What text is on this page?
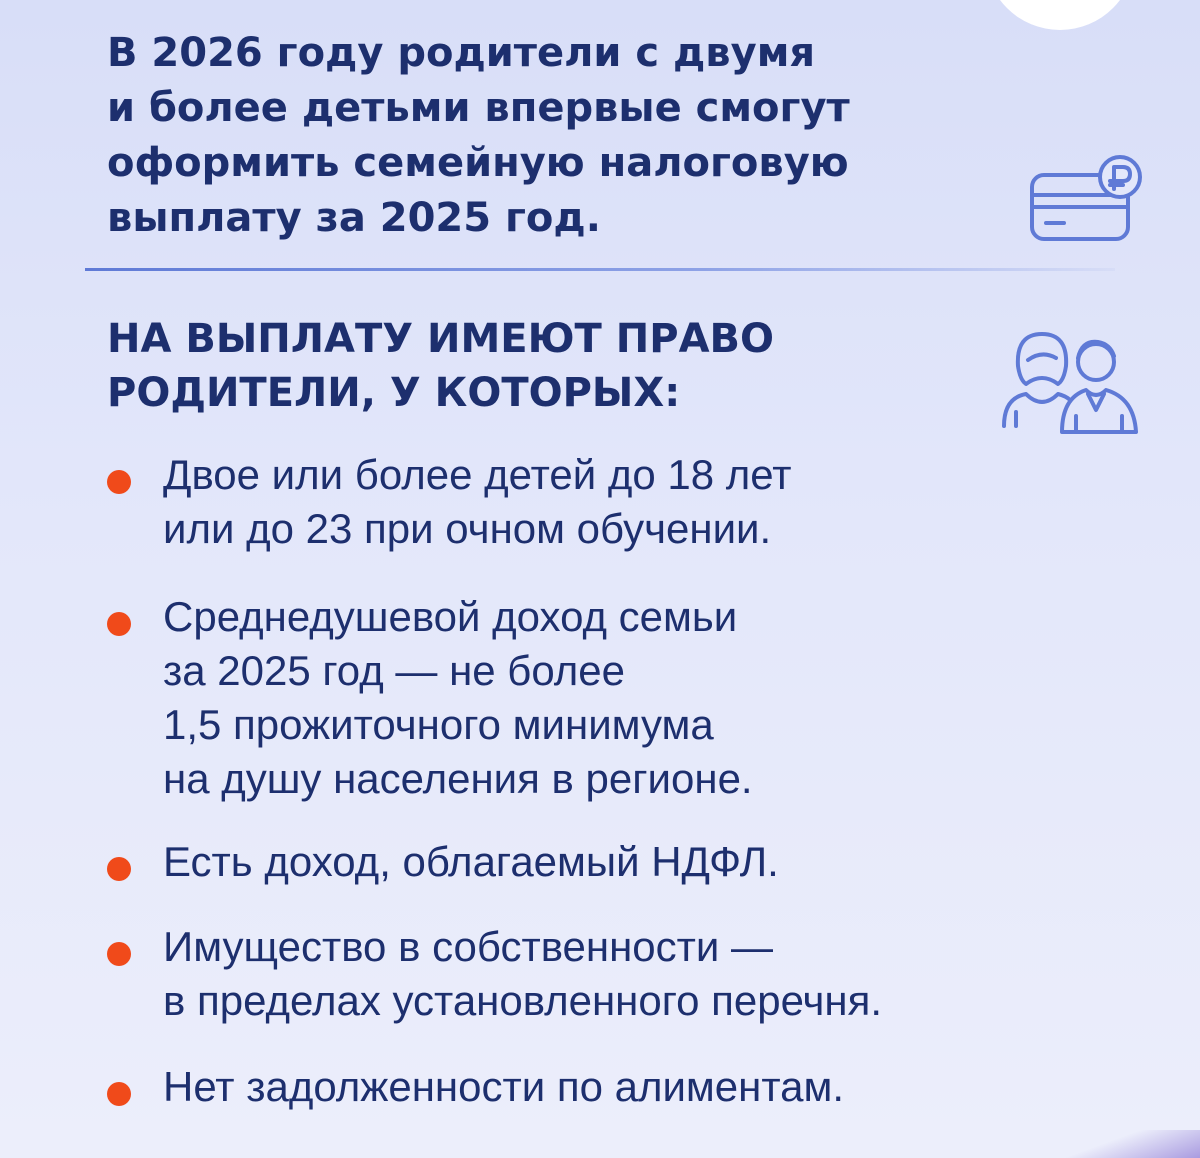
В 2026 году родители с двумя
и более детьми впервые смогут
оформить семейную налоговую
выплату за 2025 год.

НА ВЫПЛАТУ ИМЕЮТ ПРАВО
РОДИТЕЛИ, У КОТОРЫХ:

Двое или более детей до 18 лет
или до 23 при очном обучении.

Среднедушевой доход семьи
за 2025 год — не более
1,5 прожиточного минимума
на душу населения в регионе.

Есть доход, облагаемый НДФЛ.

Имущество в собственности —
в пределах установленного перечня.

Нет задолженности по алиментам.
